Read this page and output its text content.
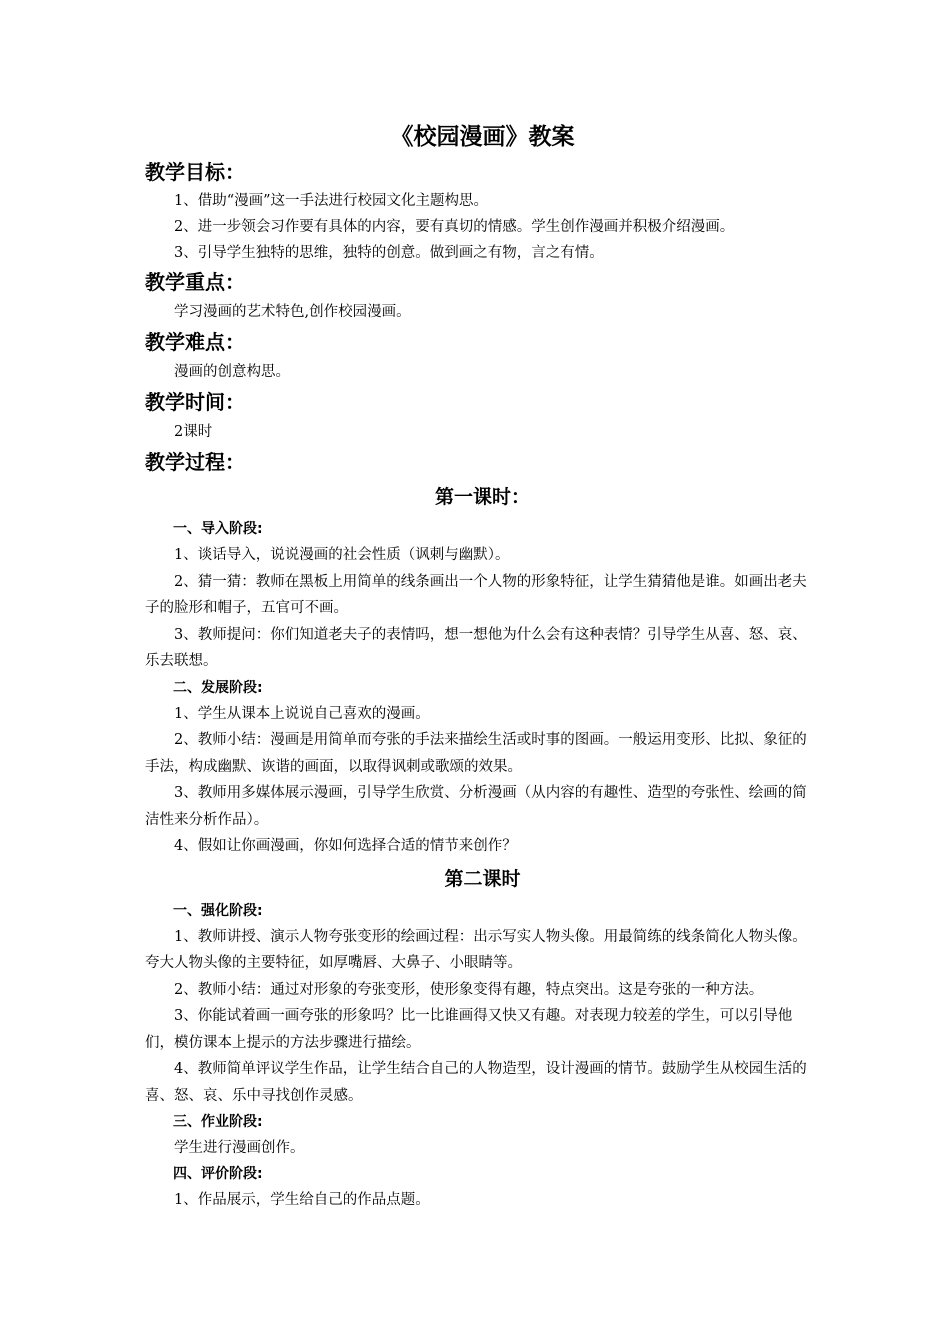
《校园漫画》教案
教学目标：

1、借助“漫画”这一手法进行校园文化主题构思。

2、进一步领会习作要有具体的内容，要有真切的情感。学生创作漫画并积极介绍漫画。

3、引导学生独特的思维，独特的创意。做到画之有物，言之有情。

教学重点：
学习漫画的艺术特色,创作校园漫画。
教学难点：
漫画的创意构思。
教学时间：
2课时
教学过程：
第一课时：
一、导入阶段:

1、谈话导入，说说漫画的社会性质（讽刺与幽默）。

2、猜一猜：教师在黑板上用简单的线条画出一个人物的形象特征，让学生猜猜他是谁。如画出老夫子的脸形和帽子，五官可不画。

3、教师提问：你们知道老夫子的表情吗，想一想他为什么会有这种表情？引导学生从喜、怒、哀、乐去联想。

二、发展阶段:

1、学生从课本上说说自己喜欢的漫画。

2、教师小结：漫画是用简单而夸张的手法来描绘生活或时事的图画。一般运用变形、比拟、象征的手法，构成幽默、诙谐的画面，以取得讽刺或歌颂的效果。

3、教师用多媒体展示漫画，引导学生欣赏、分析漫画（从内容的有趣性、造型的夸张性、绘画的简洁性来分析作品）。

4、假如让你画漫画，你如何选择合适的情节来创作？

第二课时
一、强化阶段:

1、教师讲授、演示人物夸张变形的绘画过程：出示写实人物头像。用最简练的线条简化人物头像。夸大人物头像的主要特征，如厚嘴唇、大鼻子、小眼睛等。

2、教师小结：通过对形象的夸张变形，使形象变得有趣，特点突出。这是夸张的一种方法。

3、你能试着画一画夸张的形象吗？比一比谁画得又快又有趣。对表现力较差的学生，可以引导他们，模仿课本上提示的方法步骤进行描绘。

4、教师简单评议学生作品，让学生结合自己的人物造型，设计漫画的情节。鼓励学生从校园生活的喜、怒、哀、乐中寻找创作灵感。

三、作业阶段:
学生进行漫画创作。
四、评价阶段:

1、作品展示，学生给自己的作品点题。
